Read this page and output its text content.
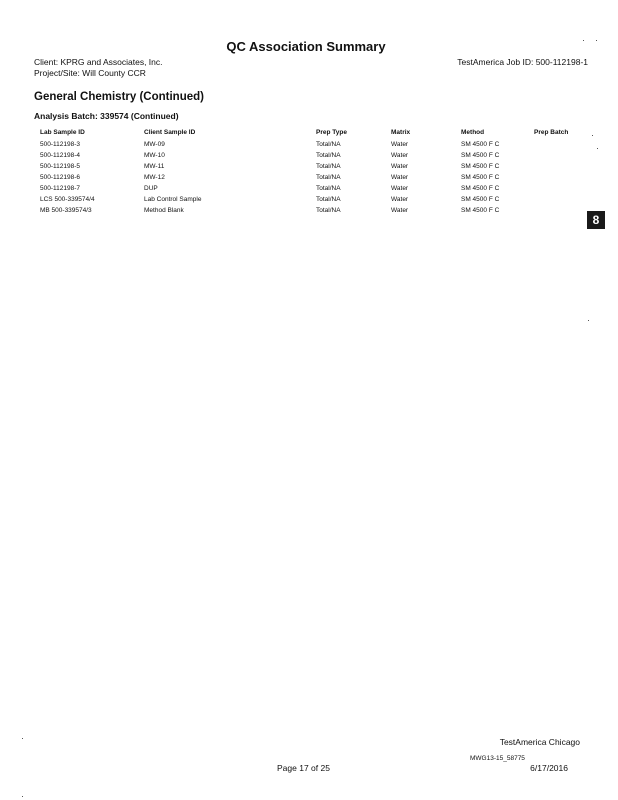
QC Association Summary
Client: KPRG and Associates, Inc.
Project/Site: Will County CCR
TestAmerica Job ID: 500-112198-1
General Chemistry (Continued)
Analysis Batch: 339574 (Continued)
Lab Sample ID	Client Sample ID	Prep Type	Matrix	Method	Prep Batch
500-112198-3	MW-09	Total/NA	Water	SM 4500 F C
500-112198-4	MW-10	Total/NA	Water	SM 4500 F C
500-112198-5	MW-11	Total/NA	Water	SM 4500 F C
500-112198-6	MW-12	Total/NA	Water	SM 4500 F C
500-112198-7	DUP	Total/NA	Water	SM 4500 F C
LCS 500-339574/4	Lab Control Sample	Total/NA	Water	SM 4500 F C
MB 500-339574/3	Method Blank	Total/NA	Water	SM 4500 F C
8
TestAmerica Chicago
MWG13-15_58775
Page 17 of 25	6/17/2016
